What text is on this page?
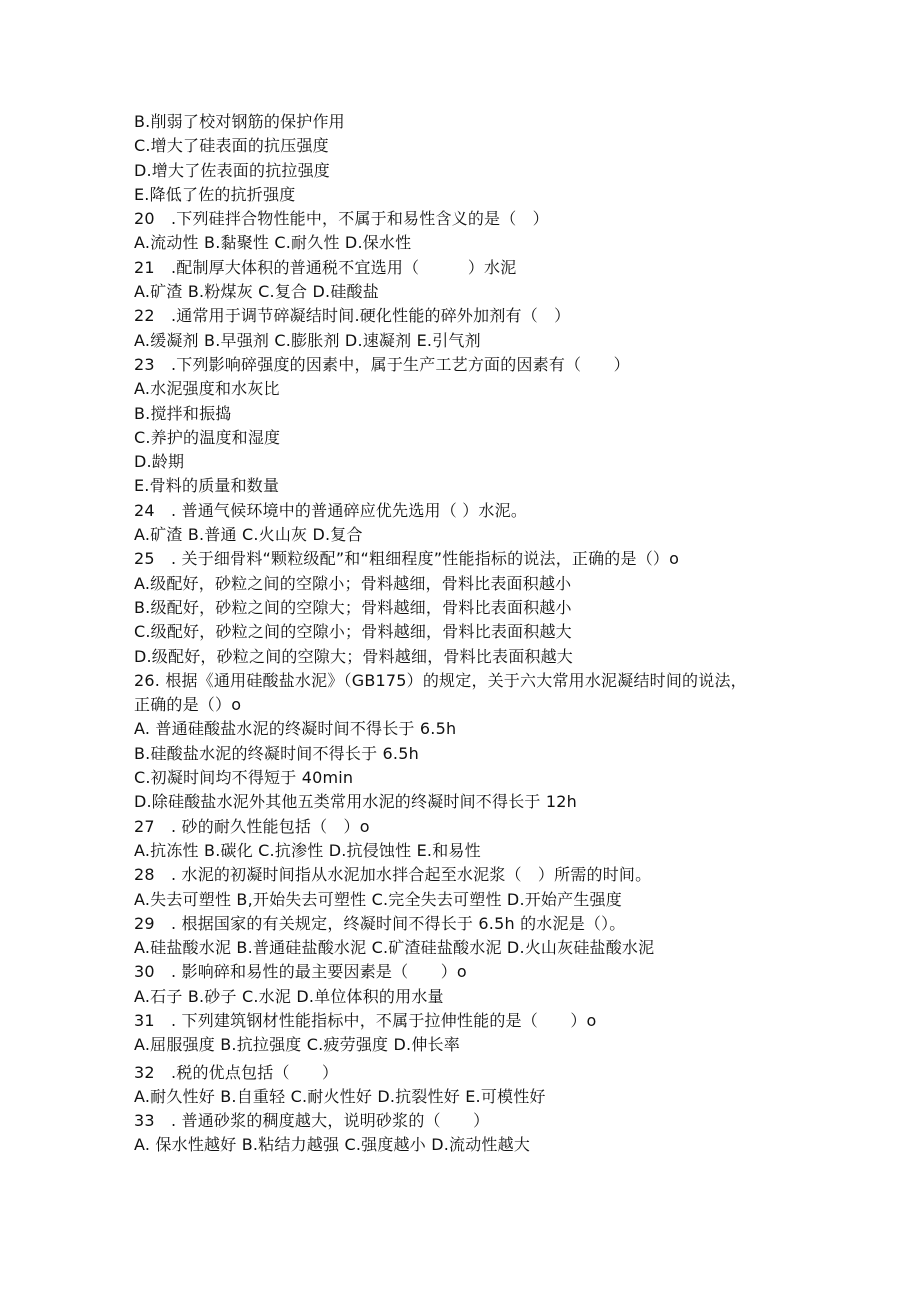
B.削弱了校对钢筋的保护作用
C.增大了硅表面的抗压强度
D.增大了佐表面的抗拉强度
E.降低了佐的抗折强度
20　.下列硅拌合物性能中，不属于和易性含义的是（　）
A.流动性 B.黏聚性 C.耐久性 D.保水性
21　.配制厚大体积的普通税不宜选用（　　　）水泥
A.矿渣 B.粉煤灰 C.复合 D.硅酸盐
22　.通常用于调节碎凝结时间.硬化性能的碎外加剂有（　）
A.缓凝剂 B.早强剂 C.膨胀剂 D.速凝剂 E.引气剂
23　.下列影响碎强度的因素中，属于生产工艺方面的因素有（　　）
A.水泥强度和水灰比
B.搅拌和振捣
C.养护的温度和湿度
D.龄期
E.骨料的质量和数量
24　. 普通气候环境中的普通碎应优先选用（ ）水泥。
A.矿渣 B.普通 C.火山灰 D.复合
25　. 关于细骨料“颗粒级配”和“粗细程度”性能指标的说法，正确的是（）o
A.级配好，砂粒之间的空隙小；骨料越细，骨料比表面积越小
B.级配好，砂粒之间的空隙大；骨料越细，骨料比表面积越小
C.级配好，砂粒之间的空隙小；骨料越细，骨料比表面积越大
D.级配好，砂粒之间的空隙大；骨料越细，骨料比表面积越大
26. 根据《通用硅酸盐水泥》（GB175）的规定，关于六大常用水泥凝结时间的说法，
正确的是（）o
A. 普通硅酸盐水泥的终凝时间不得长于 6.5h
B.硅酸盐水泥的终凝时间不得长于 6.5h
C.初凝时间均不得短于 40min
D.除硅酸盐水泥外其他五类常用水泥的终凝时间不得长于 12h
27　. 砂的耐久性能包括（　）o
A.抗冻性 B.碳化 C.抗渗性 D.抗侵蚀性 E.和易性
28　. 水泥的初凝时间指从水泥加水拌合起至水泥浆（　）所需的时间。
A.失去可塑性 B,开始失去可塑性 C.完全失去可塑性 D.开始产生强度
29　. 根据国家的有关规定，终凝时间不得长于 6.5h 的水泥是（）。
A.硅盐酸水泥 B.普通硅盐酸水泥 C.矿渣硅盐酸水泥 D.火山灰硅盐酸水泥
30　. 影响碎和易性的最主要因素是（　　）o
A.石子 B.砂子 C.水泥 D.单位体积的用水量
31　. 下列建筑钢材性能指标中，不属于拉伸性能的是（　　）o
A.屈服强度 B.抗拉强度 C.疲劳强度 D.伸长率
32　.税的优点包括（　　）
A.耐久性好 B.自重轻 C.耐火性好 D.抗裂性好 E.可模性好
33　. 普通砂浆的稠度越大，说明砂浆的（　　）
A. 保水性越好 B.粘结力越强 C.强度越小 D.流动性越大
